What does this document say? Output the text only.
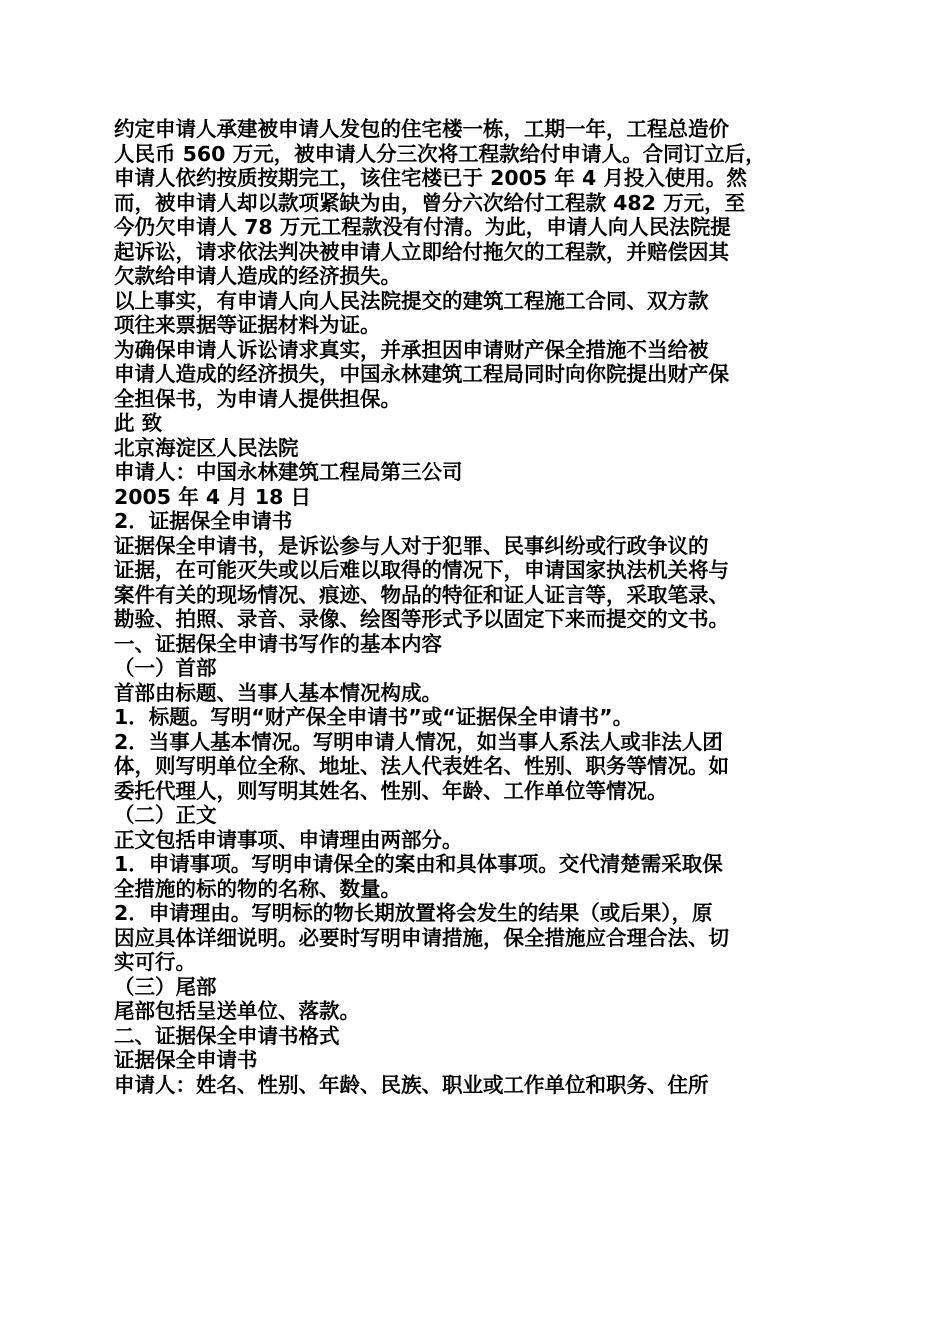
约定申请人承建被申请人发包的住宅楼一栋，工期一年，工程总造价
人民币 560 万元，被申请人分三次将工程款给付申请人。合同订立后，
申请人依约按质按期完工，该住宅楼已于 2005 年 4 月投入使用。然
而，被申请人却以款项紧缺为由，曾分六次给付工程款 482 万元，至
今仍欠申请人 78 万元工程款没有付清。为此，申请人向人民法院提
起诉讼，请求依法判决被申请人立即给付拖欠的工程款，并赔偿因其
欠款给申请人造成的经济损失。
以上事实，有申请人向人民法院提交的建筑工程施工合同、双方款
项往来票据等证据材料为证。
为确保申请人诉讼请求真实，并承担因申请财产保全措施不当给被
申请人造成的经济损失，中国永林建筑工程局同时向你院提出财产保
全担保书，为申请人提供担保。
此 致
北京海淀区人民法院
申请人：中国永林建筑工程局第三公司
2005 年 4 月 18 日
2．证据保全申请书
证据保全申请书，是诉讼参与人对于犯罪、民事纠纷或行政争议的
证据，在可能灭失或以后难以取得的情况下，申请国家执法机关将与
案件有关的现场情况、痕迹、物品的特征和证人证言等，采取笔录、
勘验、拍照、录音、录像、绘图等形式予以固定下来而提交的文书。
一、证据保全申请书写作的基本内容
（一）首部
首部由标题、当事人基本情况构成。
1．标题。写明“财产保全申请书”或“证据保全申请书”。
2．当事人基本情况。写明申请人情况，如当事人系法人或非法人团
体，则写明单位全称、地址、法人代表姓名、性别、职务等情况。如
委托代理人，则写明其姓名、性别、年龄、工作单位等情况。
（二）正文
正文包括申请事项、申请理由两部分。
1．申请事项。写明申请保全的案由和具体事项。交代清楚需采取保
全措施的标的物的名称、数量。
2．申请理由。写明标的物长期放置将会发生的结果（或后果），原
因应具体详细说明。必要时写明申请措施，保全措施应合理合法、切
实可行。
（三）尾部
尾部包括呈送单位、落款。
二、证据保全申请书格式
证据保全申请书
申请人：姓名、性别、年龄、民族、职业或工作单位和职务、住所
